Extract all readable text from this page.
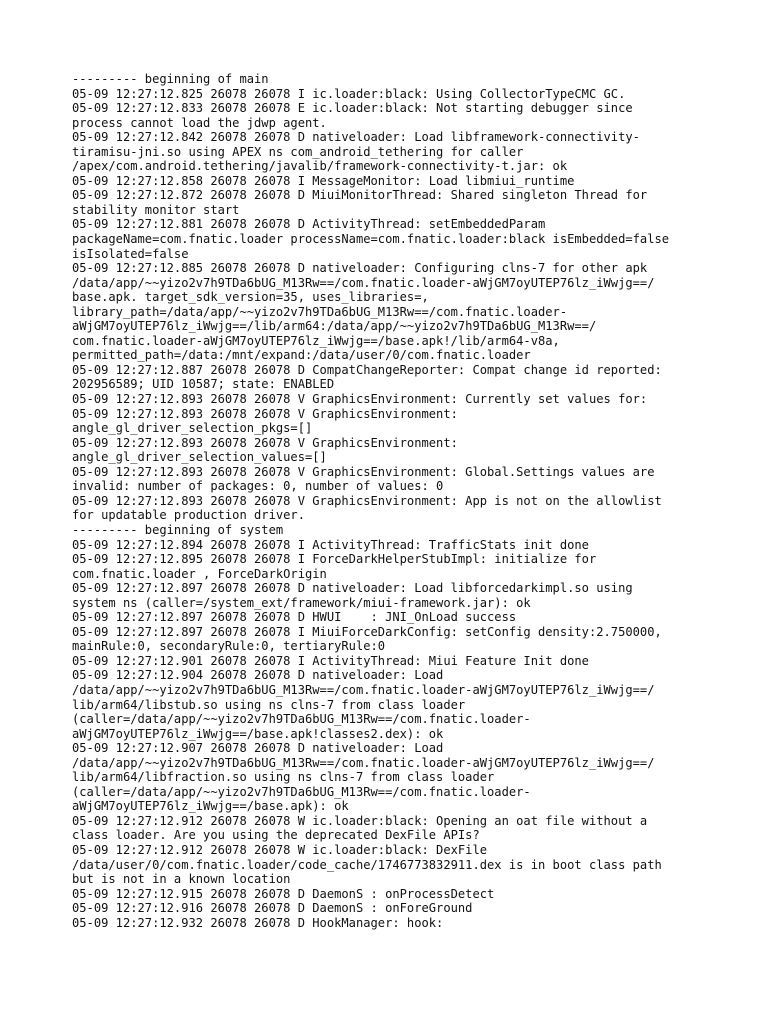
--------- beginning of main
05-09 12:27:12.825 26078 26078 I ic.loader:black: Using CollectorTypeCMC GC.
05-09 12:27:12.833 26078 26078 E ic.loader:black: Not starting debugger since
process cannot load the jdwp agent.
05-09 12:27:12.842 26078 26078 D nativeloader: Load libframework-connectivity-
tiramisu-jni.so using APEX ns com_android_tethering for caller
/apex/com.android.tethering/javalib/framework-connectivity-t.jar: ok
05-09 12:27:12.858 26078 26078 I MessageMonitor: Load libmiui_runtime
05-09 12:27:12.872 26078 26078 D MiuiMonitorThread: Shared singleton Thread for
stability monitor start
05-09 12:27:12.881 26078 26078 D ActivityThread: setEmbeddedParam
packageName=com.fnatic.loader processName=com.fnatic.loader:black isEmbedded=false
isIsolated=false
05-09 12:27:12.885 26078 26078 D nativeloader: Configuring clns-7 for other apk
/data/app/~~yizo2v7h9TDa6bUG_M13Rw==/com.fnatic.loader-aWjGM7oyUTEP76lz_iWwjg==/
base.apk. target_sdk_version=35, uses_libraries=,
library_path=/data/app/~~yizo2v7h9TDa6bUG_M13Rw==/com.fnatic.loader-
aWjGM7oyUTEP76lz_iWwjg==/lib/arm64:/data/app/~~yizo2v7h9TDa6bUG_M13Rw==/
com.fnatic.loader-aWjGM7oyUTEP76lz_iWwjg==/base.apk!/lib/arm64-v8a,
permitted_path=/data:/mnt/expand:/data/user/0/com.fnatic.loader
05-09 12:27:12.887 26078 26078 D CompatChangeReporter: Compat change id reported:
202956589; UID 10587; state: ENABLED
05-09 12:27:12.893 26078 26078 V GraphicsEnvironment: Currently set values for:
05-09 12:27:12.893 26078 26078 V GraphicsEnvironment:
angle_gl_driver_selection_pkgs=[]
05-09 12:27:12.893 26078 26078 V GraphicsEnvironment:
angle_gl_driver_selection_values=[]
05-09 12:27:12.893 26078 26078 V GraphicsEnvironment: Global.Settings values are
invalid: number of packages: 0, number of values: 0
05-09 12:27:12.893 26078 26078 V GraphicsEnvironment: App is not on the allowlist
for updatable production driver.
--------- beginning of system
05-09 12:27:12.894 26078 26078 I ActivityThread: TrafficStats init done
05-09 12:27:12.895 26078 26078 I ForceDarkHelperStubImpl: initialize for
com.fnatic.loader , ForceDarkOrigin
05-09 12:27:12.897 26078 26078 D nativeloader: Load libforcedarkimpl.so using
system ns (caller=/system_ext/framework/miui-framework.jar): ok
05-09 12:27:12.897 26078 26078 D HWUI    : JNI_OnLoad success
05-09 12:27:12.897 26078 26078 I MiuiForceDarkConfig: setConfig density:2.750000,
mainRule:0, secondaryRule:0, tertiaryRule:0
05-09 12:27:12.901 26078 26078 I ActivityThread: Miui Feature Init done
05-09 12:27:12.904 26078 26078 D nativeloader: Load
/data/app/~~yizo2v7h9TDa6bUG_M13Rw==/com.fnatic.loader-aWjGM7oyUTEP76lz_iWwjg==/
lib/arm64/libstub.so using ns clns-7 from class loader
(caller=/data/app/~~yizo2v7h9TDa6bUG_M13Rw==/com.fnatic.loader-
aWjGM7oyUTEP76lz_iWwjg==/base.apk!classes2.dex): ok
05-09 12:27:12.907 26078 26078 D nativeloader: Load
/data/app/~~yizo2v7h9TDa6bUG_M13Rw==/com.fnatic.loader-aWjGM7oyUTEP76lz_iWwjg==/
lib/arm64/libfraction.so using ns clns-7 from class loader
(caller=/data/app/~~yizo2v7h9TDa6bUG_M13Rw==/com.fnatic.loader-
aWjGM7oyUTEP76lz_iWwjg==/base.apk): ok
05-09 12:27:12.912 26078 26078 W ic.loader:black: Opening an oat file without a
class loader. Are you using the deprecated DexFile APIs?
05-09 12:27:12.912 26078 26078 W ic.loader:black: DexFile
/data/user/0/com.fnatic.loader/code_cache/1746773832911.dex is in boot class path
but is not in a known location
05-09 12:27:12.915 26078 26078 D DaemonS : onProcessDetect
05-09 12:27:12.916 26078 26078 D DaemonS : onForeGround
05-09 12:27:12.932 26078 26078 D HookManager: hook:
